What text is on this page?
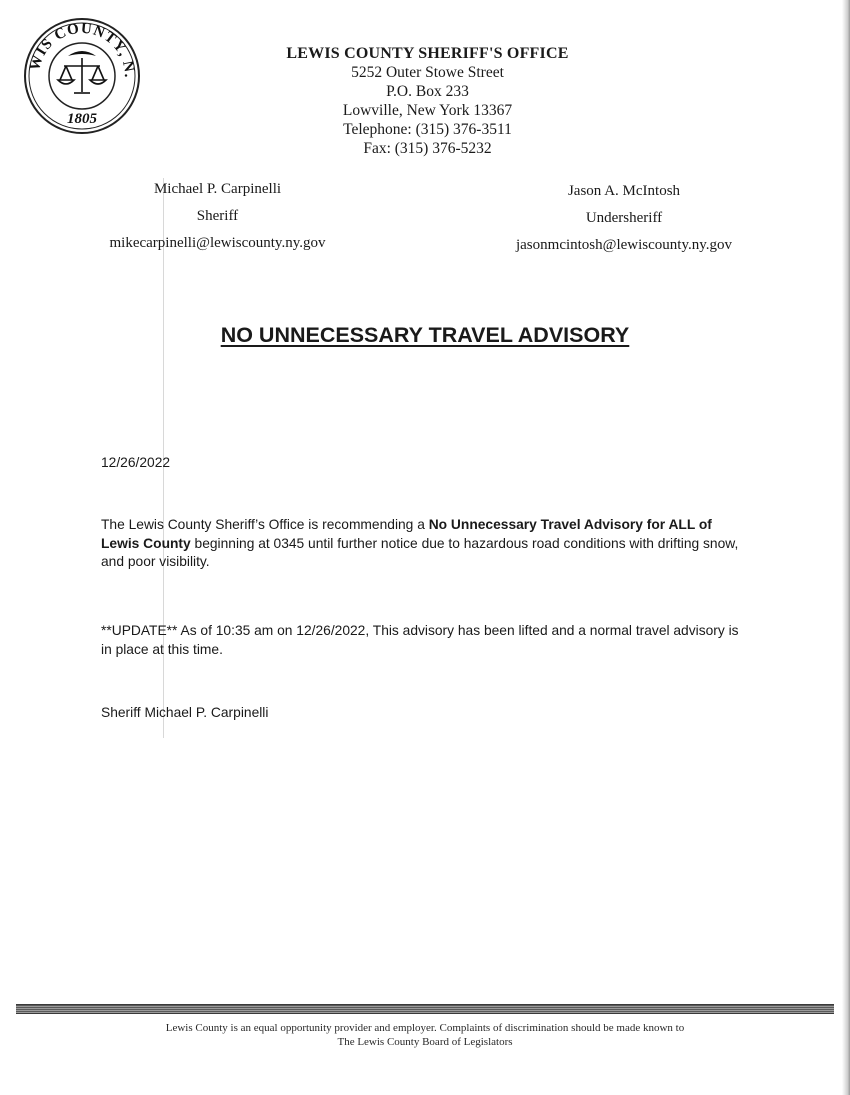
WIS COUNTY, N.
1805
LEWIS COUNTY SHERIFF'S OFFICE
5252 Outer Stowe Street
P.O. Box 233
Lowville, New York 13367
Telephone: (315) 376-3511
Fax: (315) 376-5232
Michael P. Carpinelli
Sheriff
mikecarpinelli@lewiscounty.ny.gov
Jason A. McIntosh
Undersheriff
jasonmcintosh@lewiscounty.ny.gov
NO UNNECESSARY TRAVEL ADVISORY
12/26/2022
The Lewis County Sheriff’s Office is recommending a No Unnecessary Travel Advisory for ALL of Lewis County beginning at 0345 until further notice due to hazardous road conditions with drifting snow, and poor visibility.
**UPDATE** As of 10:35 am on 12/26/2022, This advisory has been lifted and a normal travel advisory is in place at this time.
Sheriff Michael P. Carpinelli
Lewis County is an equal opportunity provider and employer. Complaints of discrimination should be made known to
The Lewis County Board of Legislators
